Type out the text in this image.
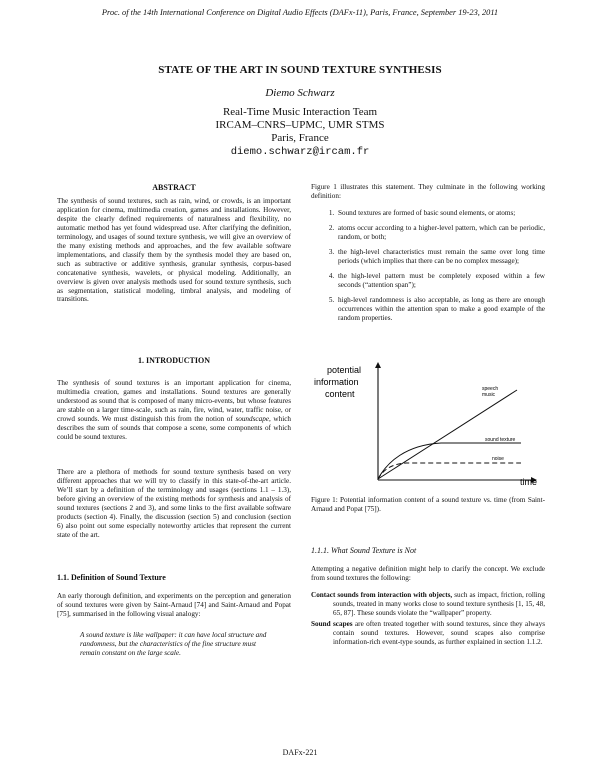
Proc. of the 14th International Conference on Digital Audio Effects (DAFx-11), Paris, France, September 19-23, 2011
STATE OF THE ART IN SOUND TEXTURE SYNTHESIS
Diemo Schwarz
Real-Time Music Interaction Team
IRCAM–CNRS–UPMC, UMR STMS
Paris, France
diemo.schwarz@ircam.fr
ABSTRACT

The synthesis of sound textures, such as rain, wind, or crowds, is an important application for cinema, multimedia creation, games and installations. However, despite the clearly defined requirements of naturalness and flexibility, no automatic method has yet found widespread use. After clarifying the definition, terminology, and usages of sound texture synthesis, we will give an overview of the many existing methods and approaches, and the few available software implementations, and classify them by the synthesis model they are based on, such as subtractive or additive synthesis, granular synthesis, corpus-based concatenative synthesis, wavelets, or physical modeling. Additionally, an overview is given over analysis methods used for sound texture synthesis, such as segmentation, statistical modeling, timbral analysis, and modeling of transitions.

1. INTRODUCTION

The synthesis of sound textures is an important application for cinema, multimedia creation, games and installations. Sound textures are generally understood as sound that is composed of many micro-events, but whose features are stable on a larger time-scale, such as rain, fire, wind, water, traffic noise, or crowd sounds. We must distinguish this from the notion of soundscape, which describes the sum of sounds that compose a scene, some components of which could be sound textures.

There are a plethora of methods for sound texture synthesis based on very different approaches that we will try to classify in this state-of-the-art article. We’ll start by a definition of the terminology and usages (sections 1.1 – 1.3), before giving an overview of the existing methods for synthesis and analysis of sound textures (sections 2 and 3), and some links to the first available software products (section 4). Finally, the discussion (section 5) and conclusion (section 6) also point out some especially noteworthy articles that represent the current state of the art.

1.1. Definition of Sound Texture

An early thorough definition, and experiments on the perception and generation of sound textures were given by Saint-Arnaud [74] and Saint-Arnaud and Popat [75], summarised in the following visual analogy:

A sound texture is like wallpaper: it can have local structure and randomness, but the characteristics of the fine structure must remain constant on the large scale.

Figure 1 illustrates this statement. They culminate in the following working definition:

1. Sound textures are formed of basic sound elements, or atoms;
2. atoms occur according to a higher-level pattern, which can be periodic, random, or both;
3. the high-level characteristics must remain the same over long time periods (which implies that there can be no complex message);
4. the high-level pattern must be completely exposed within a few seconds (“attention span”);
5. high-level randomness is also acceptable, as long as there are enough occurrences within the attention span to make a good example of the random properties.
potential
information
content
time
speech music
sound texture
noise

Figure 1: Potential information content of a sound texture vs. time (from Saint-Arnaud and Popat [75]).

1.1.1. What Sound Texture is Not

Attempting a negative definition might help to clarify the concept. We exclude from sound textures the following:

Contact sounds from interaction with objects, such as impact, friction, rolling sounds, treated in many works close to sound texture synthesis [1, 15, 48, 65, 87]. These sounds violate the “wallpaper” property.
Sound scapes are often treated together with sound textures, since they always contain sound textures. However, sound scapes also comprise information-rich event-type sounds, as further explained in section 1.1.2.
DAFx-221
